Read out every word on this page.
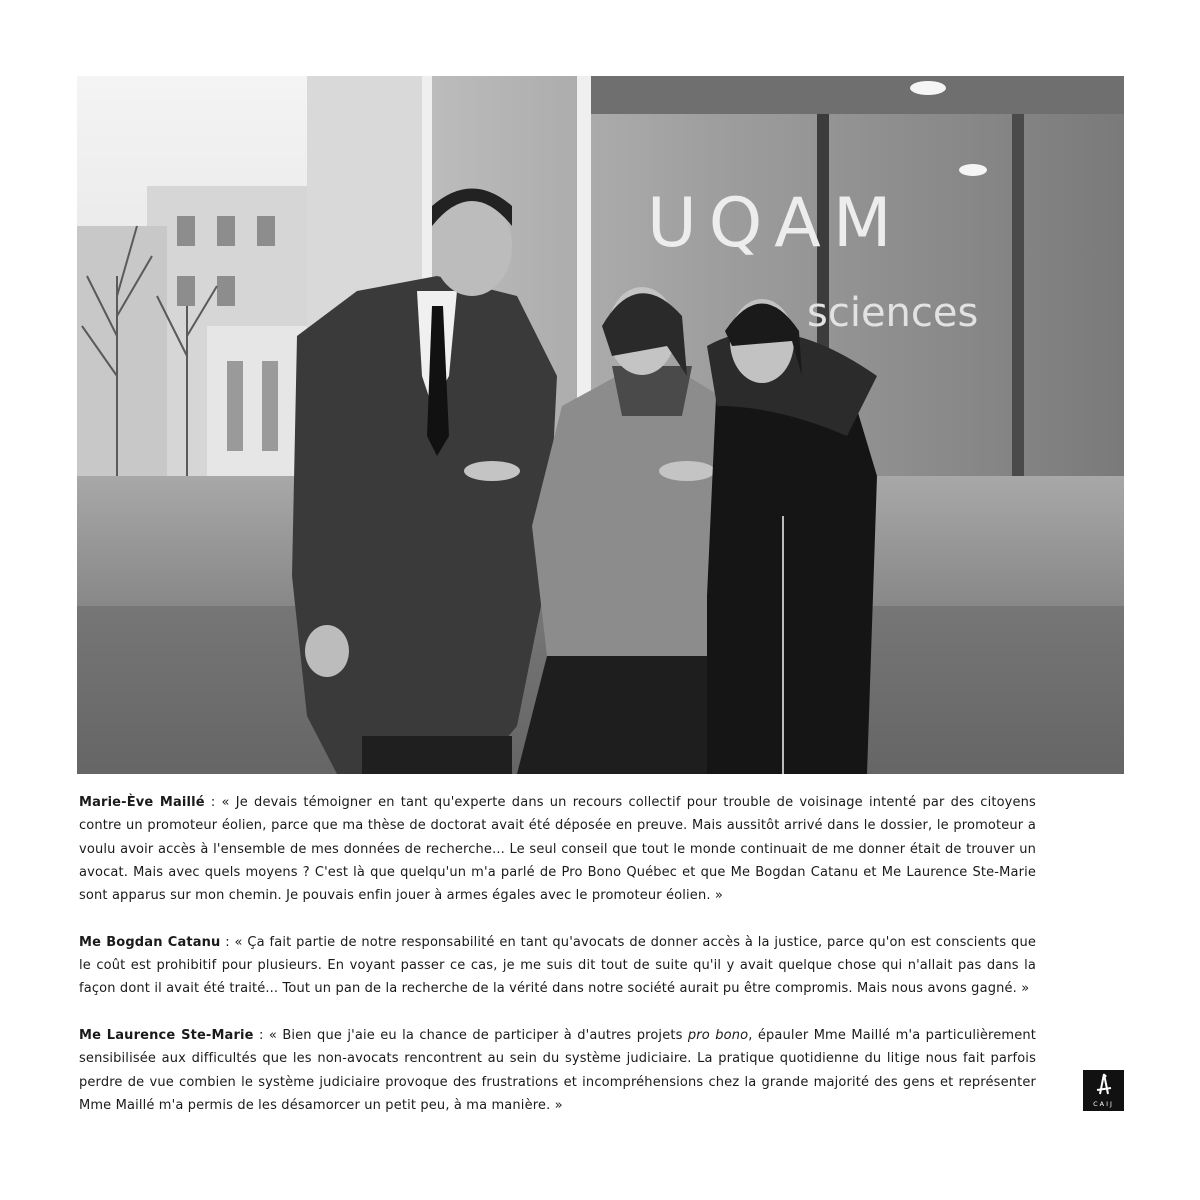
UQAM
sciences

Marie-Ève Maillé : « Je devais témoigner en tant qu'experte dans un recours collectif pour trouble de voisinage intenté par des citoyens contre un promoteur éolien, parce que ma thèse de doctorat avait été déposée en preuve. Mais aussitôt arrivé dans le dossier, le promoteur a voulu avoir accès à l'ensemble de mes données de recherche... Le seul conseil que tout le monde continuait de me donner était de trouver un avocat. Mais avec quels moyens ? C'est là que quelqu'un m'a parlé de Pro Bono Québec et que Me Bogdan Catanu et Me Laurence Ste-Marie sont apparus sur mon chemin. Je pouvais enfin jouer à armes égales avec le promoteur éolien. »

Me Bogdan Catanu : « Ça fait partie de notre responsabilité en tant qu'avocats de donner accès à la justice, parce qu'on est conscients que le coût est prohibitif pour plusieurs. En voyant passer ce cas, je me suis dit tout de suite qu'il y avait quelque chose qui n'allait pas dans la façon dont il avait été traité... Tout un pan de la recherche de la vérité dans notre société aurait pu être compromis. Mais nous avons gagné. »

Me Laurence Ste-Marie : « Bien que j'aie eu la chance de participer à d'autres projets pro bono, épauler Mme Maillé m'a particulièrement sensibilisée aux difficultés que les non-avocats rencontrent au sein du système judiciaire. La pratique quotidienne du litige nous fait parfois perdre de vue combien le système judiciaire provoque des frustrations et incompréhensions chez la grande majorité des gens et représenter Mme Maillé m'a permis de les désamorcer un petit peu, à ma manière. »	CAIJ
